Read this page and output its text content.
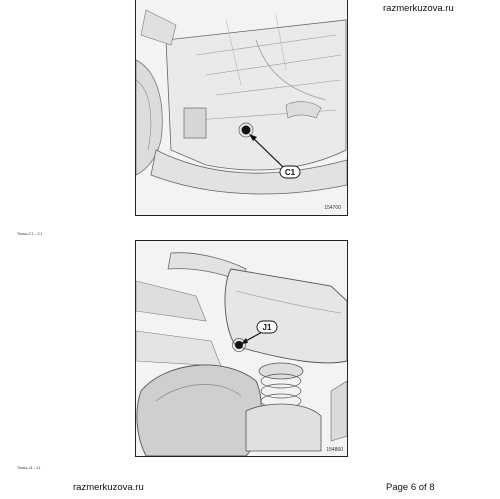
razmerkuzova.ru
C1
154700
Точка C1 - C1
J1
154860
Точка J1 - J1
razmerkuzova.ru	Page 6 of 8
